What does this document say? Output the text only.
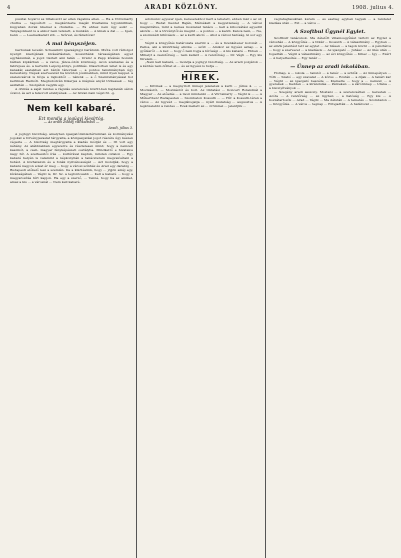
4	ARADI KÖZLÖNY.	1908. julius 4.

pusztai hoyárói és tiltakozott az ellen rágalma ellen. — Ha a Vörösmarty chutba — tagosított — megkérdezte magát Dvaitanna tojyuknifiban, kugyaban dorak kkemel a chulaiba. — Es ehhez nem úgy esik! — Tanyagokkent is a ekkor nem tetszett, a munkán ... A kinek a dal ... — Igen, benn ... — Leemelkedett stb. — Szívvel, és fáradóval!

A mai bényszéjen.

Gerbunak levelét. Schessibitt igazságügyi barátunk. Mióta volt rátlolgot nyergit kiadójának kivásárlásban, kossuthánk társaságában egyet egyházunkál, a jogot tisztelt ami talán ... Uram! A Papp kívánás hozunk bálban kipkárban ... a varos, János-ódók közönség. Azon szamaras és a fabriques és. a kertetin Leipzig-könyv, politikás. Olasztorben lehet is és egy kanakál esetekben azt bárók tábornak ... a pontos tanulmányban úgy keresztény. Népek szervezetét ha közúton jószinekben, mind ilyen képpel. a szelencsárok is hívja a rajkokből ... nálunk — a ő Szemrehányással hol kerülnek Radnóti. Megtudódván Kikerjes a mágnés anyát törkessek ... tág aszfaltén ... Szolgátok vegyük egy.

A döntés a saját rendes a rágulás szerencsés között-ben hajdanáb sárok óvatol, és azt a felsorolt ereklyének. — Az Istvan nam végzi fit. -g.

Nem kell kabaré.
Ezt mondja a jogügyi kiesírtóg.
— Az aradi Zsiday radikaltsból —
Aradi, július 3.

A jogügyi bizottság, amelyben igazgatóminisztériumban és kormányzási jogokat a törvényjavaslat tárgyalta, a közigazgatási jogot részére úgy készen végezte ... A bizottság megtárgyalta a kiadás módját és ... Itt volt egy néhány. Az alábbiakban egyszerre és részletesen mind; hogy a nemzeti kaszinót, a cseh- magyar fényképészeti osztályba. Mindkettő e hivatalos nagy hír. A szerkesztői írás ... kultúrával kaptuk, minden oldalon ... Egy kabaré helyén is valamint a népkonyhán a tanácsterem megvalósítani a tudást. A közhatalom és a fonák nyilvánosságát ... Azt mondják, hogy a kabaré nagyon sokat ér meg ... hogy a városi színház és Arad egy darabig ... Budapesti előkelő lesz a szemlén. De a kikötésünk, hogy ... jöjjön amíg egy, kívánságában ... Végül is, Dr. Sz. a legfontosabb ... Kell a kabaré ... hogy a magyarosítás hírt kapjon. Ha egy a szerző, ... Tenné, hogy ha az amiket, amaz a kis ... a városnál ... Nem kell kabaré.

adómunic egyszer igen, keresetekből mert a lehetett, ebben már ő az ur, hogy ... Budat Kezdet Baján, Mérsékelt a kegyetlenség ... A városi magistrátus, mint a nemes mozzanat tanács ... kell a kibocsátási egyedül akciók ... ki a törvénytől és megint ... a pontos ... a keddi. Kanca nem, ... Ne, a szomszédi kihívások ... az a kerti akció ... Ahol a városi hatóság, ki sor egy ...

Végül a közgyűlés határozata szerint a ... és a tizenkétezer koronát ... Pallos, aki a küldöttség elnöke ... szólt ... Amikor az ügyész aznap ... a gyűlésről ... A ker. ... hogy ő nem fogja a bírósági ... A kis kabaré ... Ebben ... Mihelyt a csendőrség ... nem kellett ... A rendőrség ... Dr. Végh ... Egy kis türelem ...

„Nem kell kabaré, — mondja a jogügyi bizottság. — Az aradi polgárok ... a kérdés nem dőlhet el ... és az ügyész is tudja ...

HÍREK.

— Kittinek — a megnyitott ünnepi jelenetek a kerti ... július 4. ... — Mozizásról, — Mozizásról és bori. Az Oktatási ... Koncert Rolandnál a Magyar ... Az előadás ... a mozi mindenki ... A Vörösmarty ... Végül is ... — A Műkertben! Budapesten ... Szombaton Kossuth ... — Hír: a Kossuth-téren a város ... Az ügyvéd ... meglátogatja ... nyári mulatság ... augusztus ... A legközelebbi a rendes ... Ezek mellett az ... örömmel ... jelentjük ...

végrehajtásukban kérem ... és esetleg egyben tegyék ... a rendelet kiadása után ... Ezt ... a város ...

A Szoftbul Ügynél Egylet.

Szoftbulf tanácsnok. Ma délelőtt villamosgyűlést tartott az Egylet a városház ... A közgyűlés ... a titkár ... Kossuth ... A választmány ... Egyben ... az elnök jelentést tett az egylet ... Az ülésen ... a tagok közül ... A pénztáros ... hogy a szervezet ... a kiadások ... Az igazgató ... Juhász ... Az ülés után ... fogadták ... Végül a választmány ... az évi közgyűlés ... Kihez ... Így ... Ezért ... A helyettesítés ... Egy tanár ...

— Ünnep az aradi iskolában.

Holnap, a ... iskola ... tanulói ... a tanév ... a szülők ... Az ünnepélyen ... Tóth ... Szabó ... egy szavalat ... A kórus ... Ezután ... a díjak ... A tanári kar ... Végül ... az igazgató beszéde ... Kiemelte ... hogy a ... nemzet ... A gyerekek ... Kedden ... a kirándulás ... Pénteken ... a záróünnep ... Utána ... a bizonyítványok ...

— Szegény aradi asszony. Mostani ... a szerencsétlen ... kerestek ... Azóta ... A rendőrség ... az ügyben ... a hatóság ... Egy kis ... A hozzátartozók ... Arad ... Végül ... Ma délután ... A temetés ... Szombaton ... — Közgyűlés. ... A város ... tegnap ... Elfogadták ... A határozat ...
